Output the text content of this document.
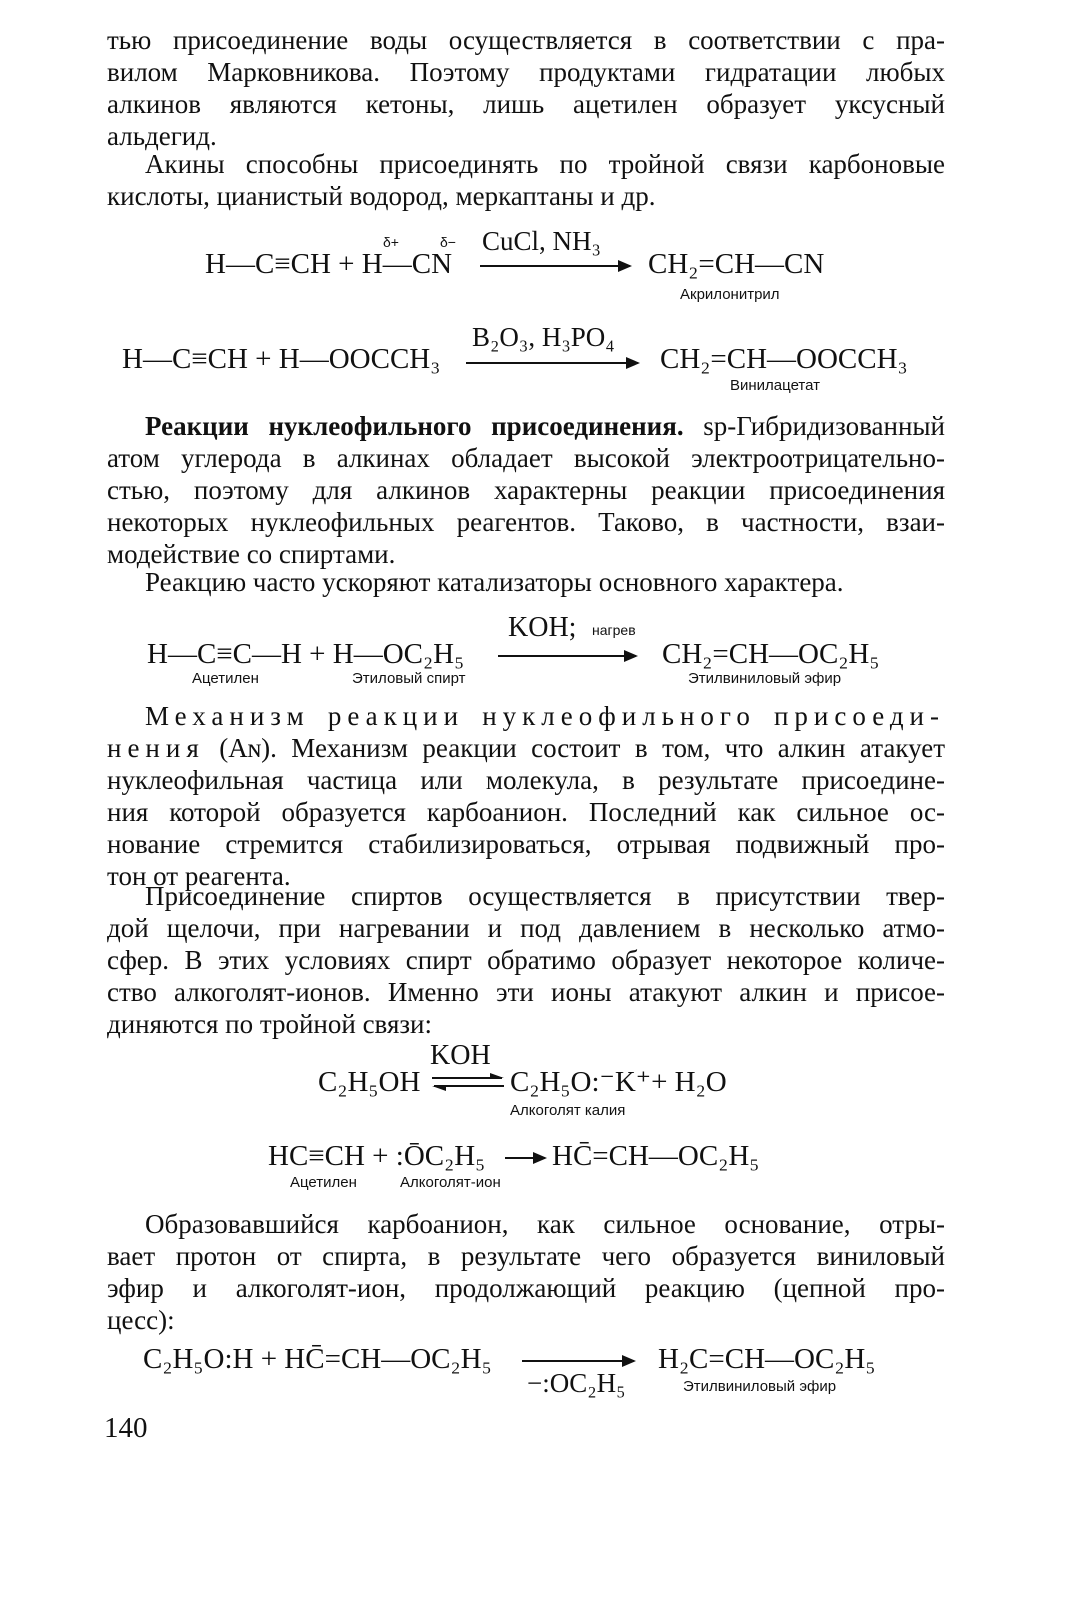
тью присоединение воды осуществляется в соответствии с пра-
вилом Марковникова. Поэтому продуктами гидратации любых
алкинов являются кетоны, лишь ацетилен образует уксусный
альдегид.
Акины способны присоединять по тройной связи карбоновые
кислоты, цианистый водород, меркаптаны и др.
δ+	δ−
H—C≡CH + H—CN
CuCl, NH₃
CH₂=CH—CN
Акрилонитрил
H—C≡CH + H—OOCCH₃
B₂O₃, H₃PO₄
CH₂=CH—OOCCH₃
Винилацетат
Реакции нуклеофильного присоединения. sp-Гибридизованный
атом углерода в алкинах обладает высокой электроотрицательно-
стью, поэтому для алкинов характерны реакции присоединения
некоторых нуклеофильных реагентов. Таково, в частности, взаи-
модействие со спиртами.
Реакцию часто ускоряют катализаторы основного характера.
H—C≡C—H + H—OC₂H₅
KOH; нагрев
CH₂=CH—OC₂H₅
Ацетилен	Этиловый спирт	Этилвиниловый эфир
Механизм реакции нуклеофильного присоеди-
нения (Aɴ). Механизм реакции состоит в том, что алкин атакует
нуклеофильная частица или молекула, в результате присоедине-
ния которой образуется карбоанион. Последний как сильное ос-
нование стремится стабилизироваться, отрывая подвижный про-
тон от реагента.
Присоединение спиртов осуществляется в присутствии твер-
дой щелочи, при нагревании и под давлением в несколько атмо-
сфер. В этих условиях спирт обратимо образует некоторое количе-
ство алкоголят-ионов. Именно эти ионы атакуют алкин и присое-
диняются по тройной связи:
KOH
C₂H₅OH	C₂H₅O:⁻K⁺+ H₂O
Алкоголят калия
HC≡CH + :ŌC₂H₅ → HC̄=CH—OC₂H₅
Ацетилен	Алкоголят-ион
Образовавшийся карбоанион, как сильное основание, отры-
вает протон от спирта, в результате чего образуется виниловый
эфир и алкоголят-ион, продолжающий реакцию (цепной про-
цесс):
C₂H₅O:H + HC̄=CH—OC₂H₅
−:OC₂H₅
H₂C=CH—OC₂H₅
Этилвиниловый эфир
140
